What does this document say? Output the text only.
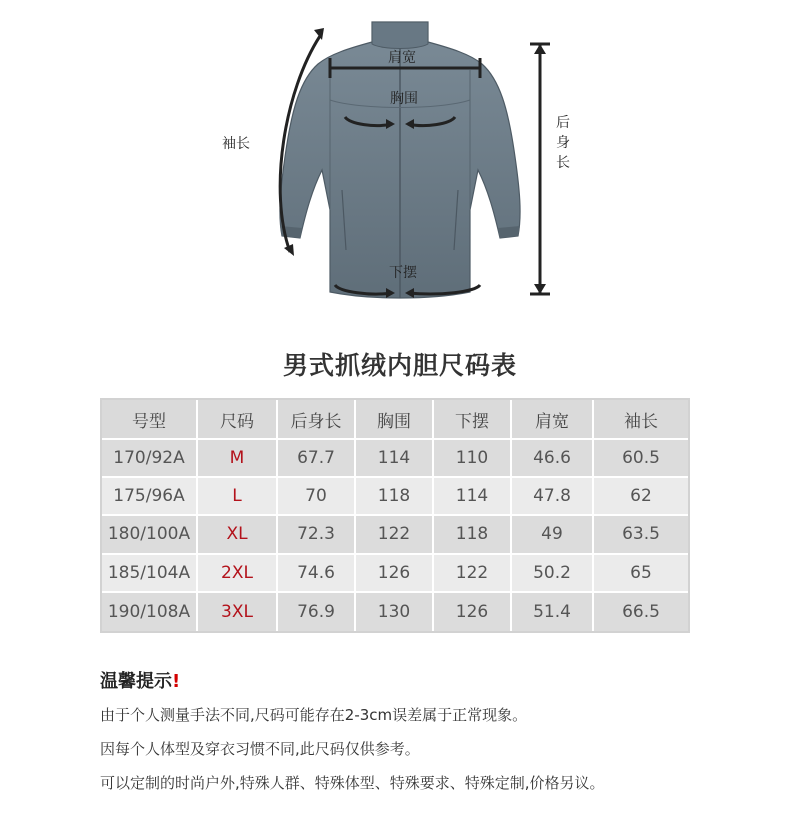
肩宽
胸围
下摆
袖长
后身长
男式抓绒内胆尺码表
号型	尺码	后身长	胸围	下摆	肩宽	袖长
170/92A	M	67.7	114	110	46.6	60.5
175/96A	L	70	118	114	47.8	62
180/100A	XL	72.3	122	118	49	63.5
185/104A	2XL	74.6	126	122	50.2	65
190/108A	3XL	76.9	130	126	51.4	66.5
温馨提示!

由于个人测量手法不同,尺码可能存在2-3cm误差属于正常现象。

因每个人体型及穿衣习惯不同,此尺码仅供参考。

可以定制的时尚户外,特殊人群、特殊体型、特殊要求、特殊定制,价格另议。
